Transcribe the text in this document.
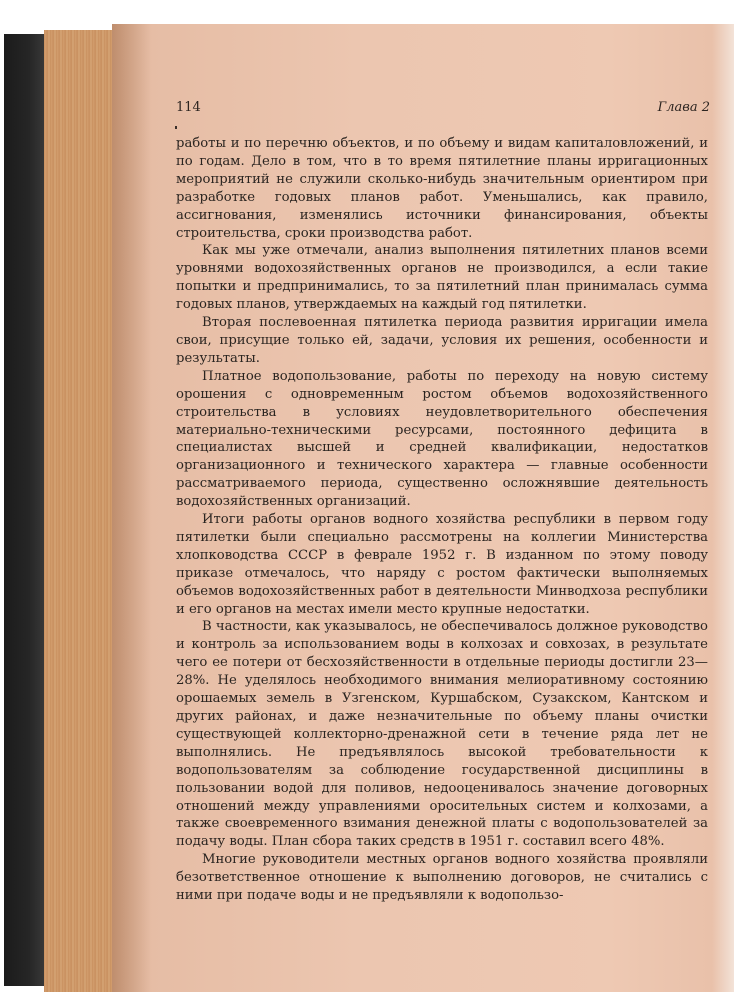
114	Глава 2

работы и по перечню объектов, и по объему и видам капиталовложений, и по годам. Дело в том, что в то время пятилетние планы ирригационных мероприятий не служили сколько-нибудь значительным ориентиром при разработке годовых планов работ. Уменьшались, как правило, ассигнования, изменялись источники финансирования, объекты строительства, сроки производства работ.

Как мы уже отмечали, анализ выполнения пятилетних планов всеми уровнями водохозяйственных органов не производился, а если такие попытки и предпринимались, то за пятилетний план принималась сумма годовых планов, утверждаемых на каждый год пятилетки.

Вторая послевоенная пятилетка периода развития ирригации имела свои, присущие только ей, задачи, условия их решения, особенности и результаты.

Платное водопользование, работы по переходу на новую систему орошения с одновременным ростом объемов водохозяйственного строительства в условиях неудовлетворительного обеспечения материально-техническими ресурсами, постоянного дефицита в специалистах высшей и средней квалификации, недостатков организационного и технического характера — главные особенности рассматриваемого периода, существенно осложнявшие деятельность водохозяйственных организаций.

Итоги работы органов водного хозяйства республики в первом году пятилетки были специально рассмотрены на коллегии Министерства хлопководства СССР в феврале 1952 г. В изданном по этому поводу приказе отмечалось, что наряду с ростом фактически выполняемых объемов водохозяйственных работ в деятельности Минводхоза республики и его органов на местах имели место крупные недостатки.

В частности, как указывалось, не обеспечивалось должное руководство и контроль за использованием воды в колхозах и совхозах, в результате чего ее потери от бесхозяйственности в отдельные периоды достигли 23—28%. Не уделялось необходимого внимания мелиоративному состоянию орошаемых земель в Узгенском, Куршабском, Сузакском, Кантском и других районах, и даже незначительные по объему планы очистки существующей коллекторно-дренажной сети в течение ряда лет не выполнялись. Не предъявлялось высокой требовательности к водопользователям за соблюдение государственной дисциплины в пользовании водой для поливов, недооценивалось значение договорных отношений между управлениями оросительных систем и колхозами, а также своевременного взимания денежной платы с водопользователей за подачу воды. План сбора таких средств в 1951 г. составил всего 48%.

Многие руководители местных органов водного хозяйства проявляли безответственное отношение к выполнению договоров, не считались с ними при подаче воды и не предъявляли к водопользо-
